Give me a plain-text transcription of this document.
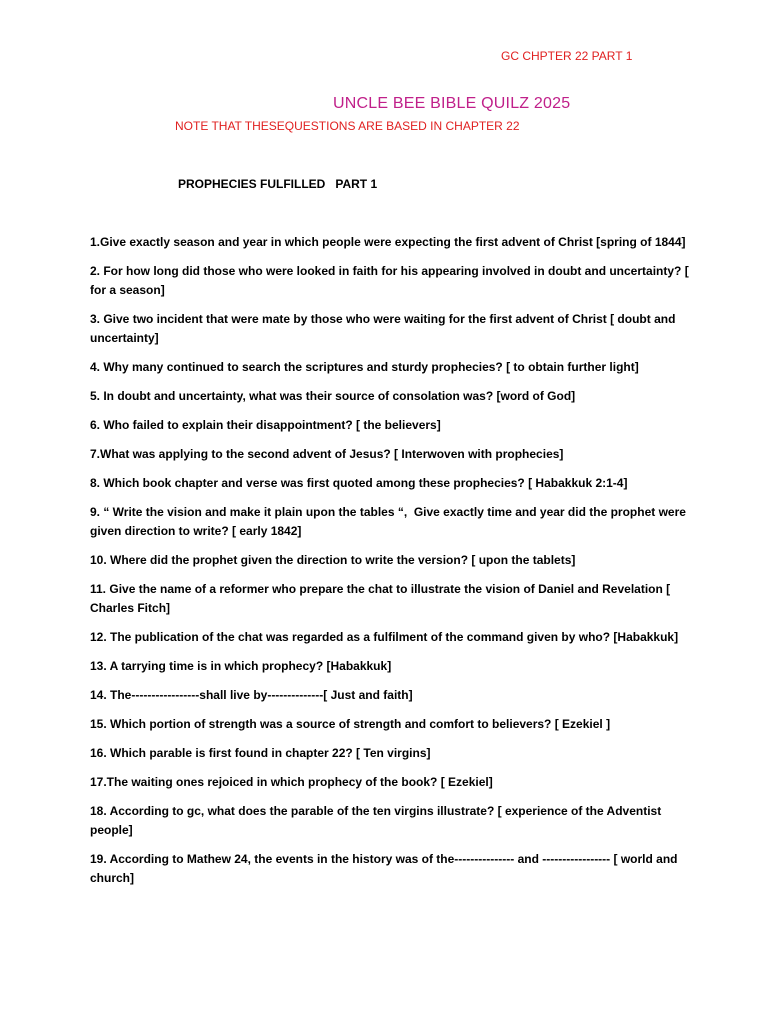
GC CHPTER 22 PART 1
UNCLE BEE BIBLE QUILZ 2025
NOTE THAT THESEQUESTIONS ARE BASED IN CHAPTER 22
PROPHECIES FULFILLED   PART 1
1.Give exactly season and year in which people were expecting the first advent of Christ [spring of 1844]
2. For how long did those who were looked in faith for his appearing involved in doubt and uncertainty? [ for a season]
3. Give two incident that were mate by those who were waiting for the first advent of Christ [ doubt and uncertainty]
4. Why many continued to search the scriptures and sturdy prophecies? [ to obtain further light]
5. In doubt and uncertainty, what was their source of consolation was? [word of God]
6. Who failed to explain their disappointment? [ the believers]
7.What was applying to the second advent of Jesus? [ Interwoven with prophecies]
8. Which book chapter and verse was first quoted among these prophecies? [ Habakkuk 2:1-4]
9. “ Write the vision and make it plain upon the tables “,  Give exactly time and year did the prophet were given direction to write? [ early 1842]
10. Where did the prophet given the direction to write the version? [ upon the tablets]
11. Give the name of a reformer who prepare the chat to illustrate the vision of Daniel and Revelation [ Charles Fitch]
12. The publication of the chat was regarded as a fulfilment of the command given by who? [Habakkuk]
13. A tarrying time is in which prophecy? [Habakkuk]
14. The-----------------shall live by--------------[ Just and faith]
15. Which portion of strength was a source of strength and comfort to believers? [ Ezekiel ]
16. Which parable is first found in chapter 22? [ Ten virgins]
17.The waiting ones rejoiced in which prophecy of the book? [ Ezekiel]
18. According to gc, what does the parable of the ten virgins illustrate? [ experience of the Adventist people]
19. According to Mathew 24, the events in the history was of the--------------- and ----------------- [ world and church]
